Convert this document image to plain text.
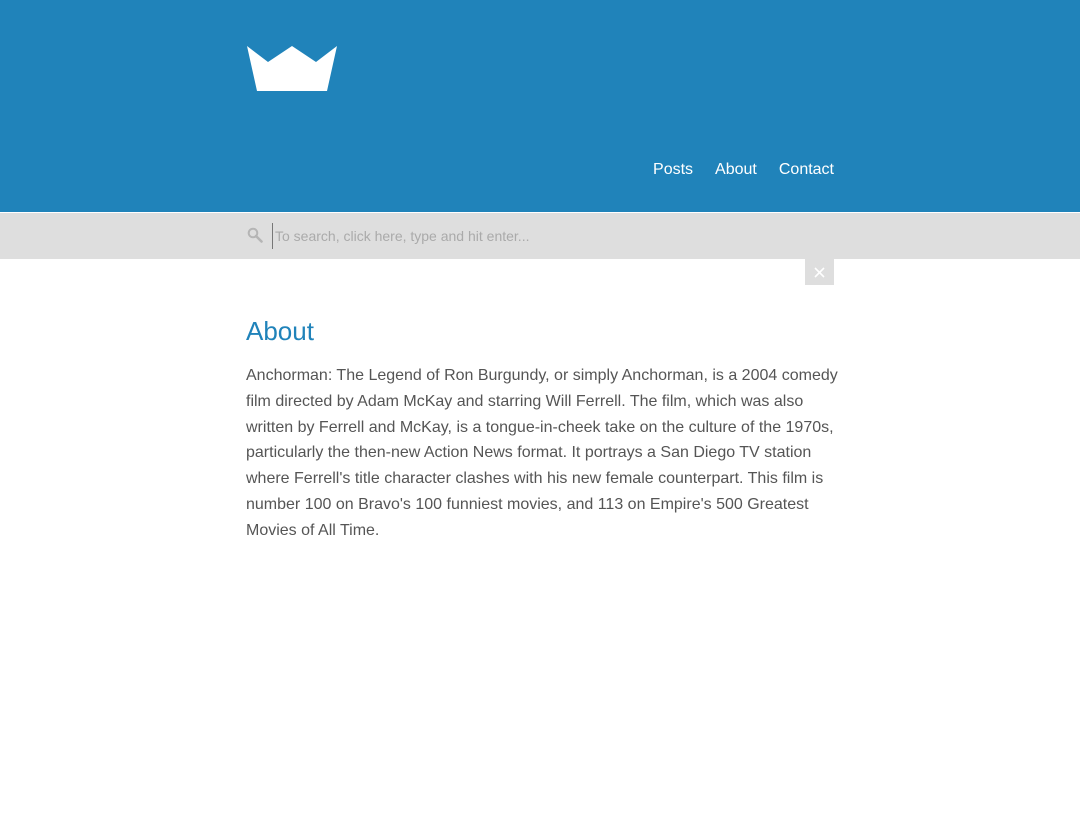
Posts About Contact
To search, click here, type and hit enter...
About

Anchorman: The Legend of Ron Burgundy, or simply Anchorman, is a 2004 comedy film directed by Adam McKay and starring Will Ferrell. The film, which was also written by Ferrell and McKay, is a tongue-in-cheek take on the culture of the 1970s, particularly the then-new Action News format. It portrays a San Diego TV station where Ferrell's title character clashes with his new female counterpart. This film is number 100 on Bravo's 100 funniest movies, and 113 on Empire's 500 Greatest Movies of All Time.
